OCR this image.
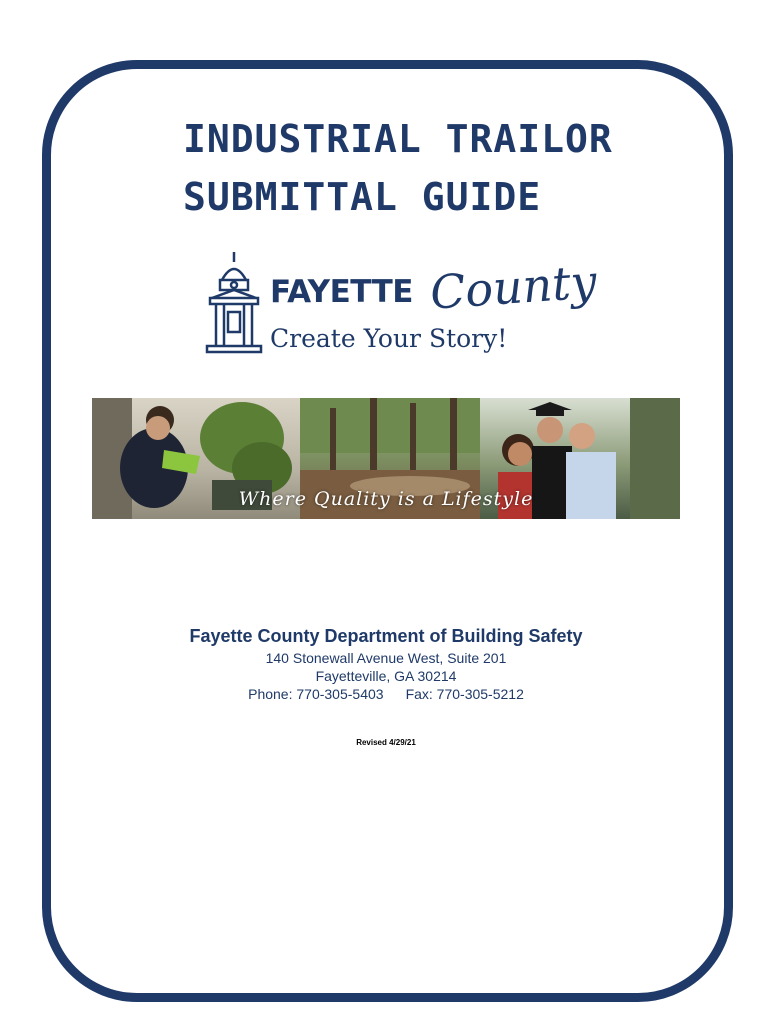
INDUSTRIAL TRAILOR
SUBMITTAL GUIDE
FAYETTE County
Create Your Story!
Where Quality is a Lifestyle
Fayette County Department of Building Safety
140 Stonewall Avenue West, Suite 201
Fayetteville, GA 30214
Phone: 770-305-5403 Fax: 770-305-5212
Revised 4/29/21
